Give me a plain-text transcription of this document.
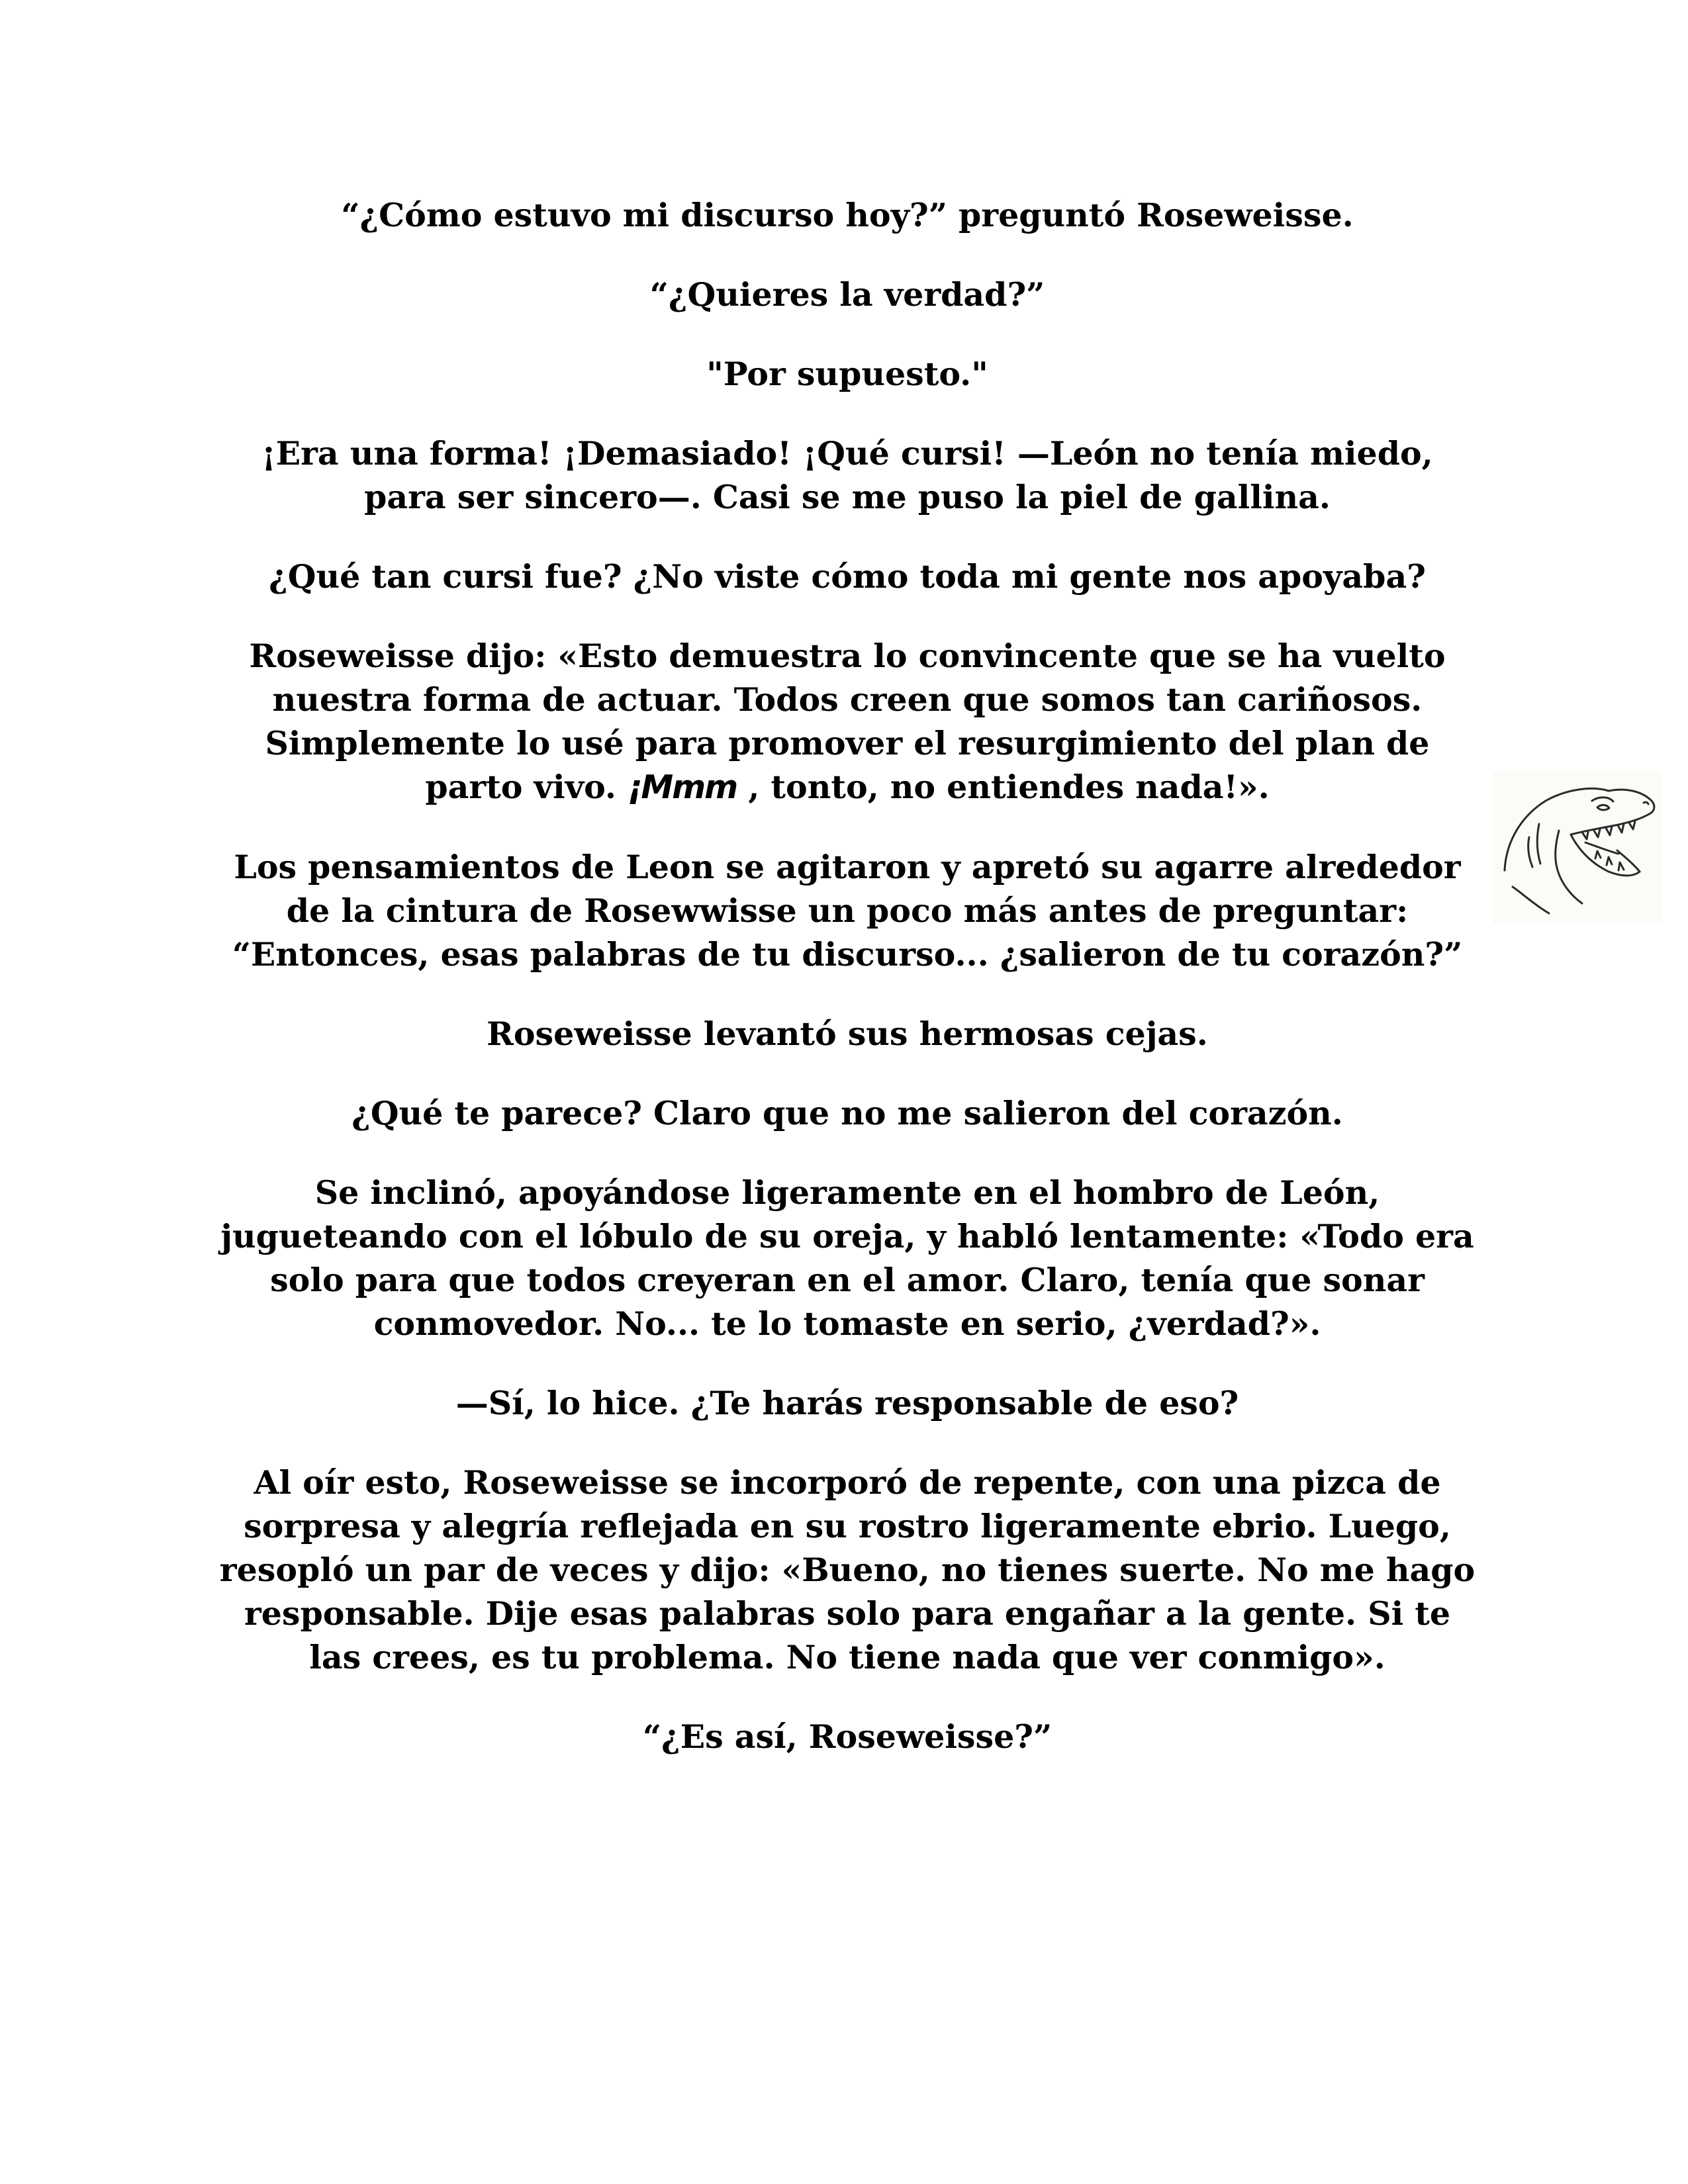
“¿Cómo estuvo mi discurso hoy?” preguntó Roseweisse.

“¿Quieres la verdad?”

"Por supuesto."

¡Era una forma! ¡Demasiado! ¡Qué cursi! —León no tenía miedo, para ser sincero—. Casi se me puso la piel de gallina.

¿Qué tan cursi fue? ¿No viste cómo toda mi gente nos apoyaba?

Roseweisse dijo: «Esto demuestra lo convincente que se ha vuelto nuestra forma de actuar. Todos creen que somos tan cariñosos. Simplemente lo usé para promover el resurgimiento del plan de parto vivo. ¡Mmm , tonto, no entiendes nada!».

Los pensamientos de Leon se agitaron y apretó su agarre alrededor de la cintura de Rosewwisse un poco más antes de preguntar: “Entonces, esas palabras de tu discurso... ¿salieron de tu corazón?”

Roseweisse levantó sus hermosas cejas.

¿Qué te parece? Claro que no me salieron del corazón.

Se inclinó, apoyándose ligeramente en el hombro de León, jugueteando con el lóbulo de su oreja, y habló lentamente: «Todo era solo para que todos creyeran en el amor. Claro, tenía que sonar conmovedor. No... te lo tomaste en serio, ¿verdad?».

—Sí, lo hice. ¿Te harás responsable de eso?

Al oír esto, Roseweisse se incorporó de repente, con una pizca de sorpresa y alegría reflejada en su rostro ligeramente ebrio. Luego, resopló un par de veces y dijo: «Bueno, no tienes suerte. No me hago responsable. Dije esas palabras solo para engañar a la gente. Si te las crees, es tu problema. No tiene nada que ver conmigo».

“¿Es así, Roseweisse?”
